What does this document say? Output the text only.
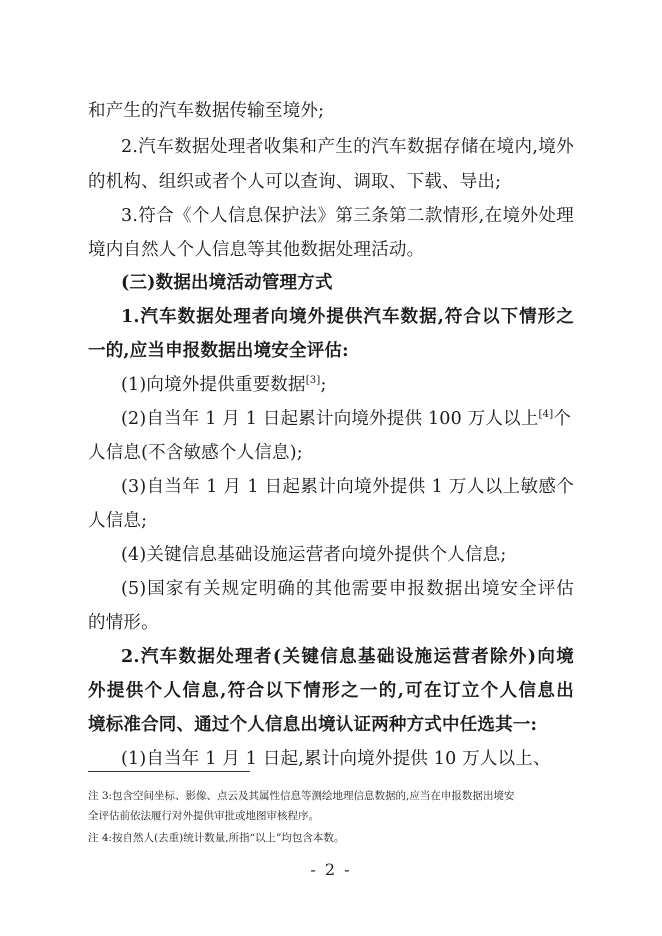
和产生的汽车数据传输至境外;
2.汽车数据处理者收集和产生的汽车数据存储在境内,境外
的机构、组织或者个人可以查询、调取、下载、导出;
3.符合《个人信息保护法》第三条第二款情形,在境外处理
境内自然人个人信息等其他数据处理活动。
(三)数据出境活动管理方式
1.汽车数据处理者向境外提供汽车数据,符合以下情形之
一的,应当申报数据出境安全评估:
(1)向境外提供重要数据[3];
(2)自当年 1 月 1 日起累计向境外提供 100 万人以上[4]个
人信息(不含敏感个人信息);
(3)自当年 1 月 1 日起累计向境外提供 1 万人以上敏感个
人信息;
(4)关键信息基础设施运营者向境外提供个人信息;
(5)国家有关规定明确的其他需要申报数据出境安全评估
的情形。
2.汽车数据处理者(关键信息基础设施运营者除外)向境
外提供个人信息,符合以下情形之一的,可在订立个人信息出
境标准合同、通过个人信息出境认证两种方式中任选其一:
(1)自当年 1 月 1 日起,累计向境外提供 10 万人以上、
注 3:包含空间坐标、影像、点云及其属性信息等测绘地理信息数据的,应当在申报数据出境安
全评估前依法履行对外提供审批或地图审核程序。
注 4:按自然人(去重)统计数量,所指“以上”均包含本数。
- 2 -
